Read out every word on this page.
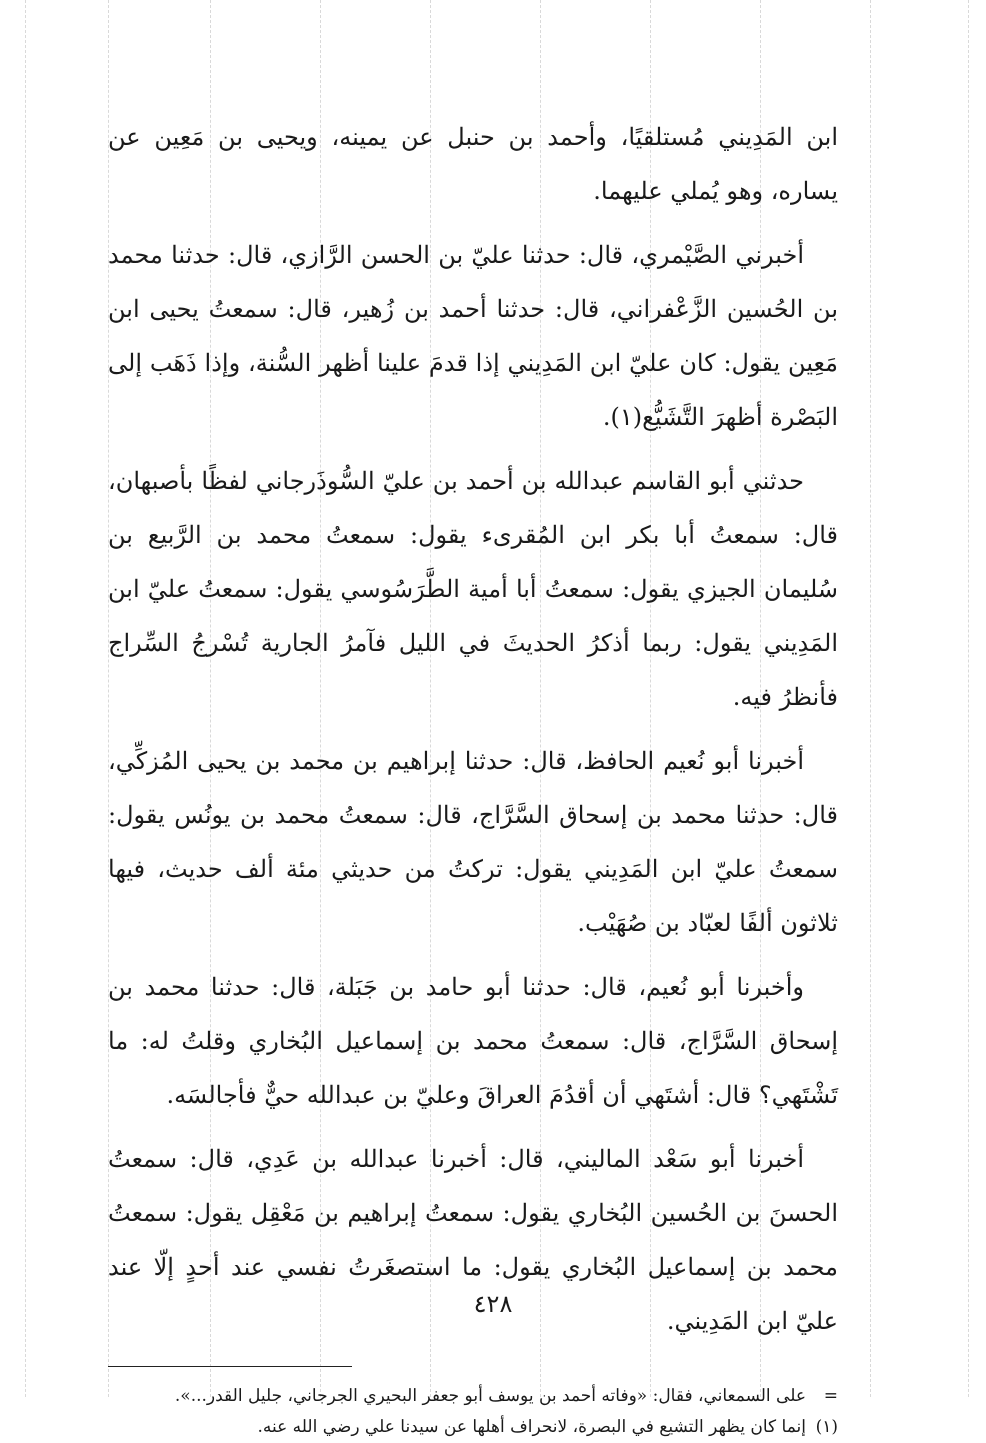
ابن المَدِيني مُستلقيًا، وأحمد بن حنبل عن يمينه، ويحيى بن مَعِين عن يساره، وهو يُملي عليهما.

أخبرني الصَّيْمري، قال: حدثنا عليّ بن الحسن الرَّازي، قال: حدثنا محمد بن الحُسين الزَّعْفراني، قال: حدثنا أحمد بن زُهير، قال: سمعتُ يحيى ابن مَعِين يقول: كان عليّ ابن المَدِيني إذا قدمَ علينا أظهر السُّنة، وإذا ذَهَب إلى البَصْرة أظهرَ التَّشَيُّع(١).

حدثني أبو القاسم عبدالله بن أحمد بن عليّ السُّوذَرجاني لفظًا بأصبهان، قال: سمعتُ أبا بكر ابن المُقرىء يقول: سمعتُ محمد بن الرَّبيع بن سُليمان الجيزي يقول: سمعتُ أبا أمية الطَّرَسُوسي يقول: سمعتُ عليّ ابن المَدِيني يقول: ربما أذكرُ الحديثَ في الليل فآمرُ الجارية تُسْرجُ السِّراج فأنظرُ فيه.

أخبرنا أبو نُعيم الحافظ، قال: حدثنا إبراهيم بن محمد بن يحيى المُزكِّي، قال: حدثنا محمد بن إسحاق السَّرَّاج، قال: سمعتُ محمد بن يونُس يقول: سمعتُ عليّ ابن المَدِيني يقول: تركتُ من حديثي مئة ألف حديث، فيها ثلاثون ألفًا لعبّاد بن صُهَيْب.

وأخبرنا أبو نُعيم، قال: حدثنا أبو حامد بن جَبَلة، قال: حدثنا محمد بن إسحاق السَّرَّاج، قال: سمعتُ محمد بن إسماعيل البُخاري وقلتُ له: ما تَشْتَهي؟ قال: أشتَهي أن أقدُمَ العراقَ وعليّ بن عبدالله حيٌّ فأجالسَه.

أخبرنا أبو سَعْد الماليني، قال: أخبرنا عبدالله بن عَدِي، قال: سمعتُ الحسنَ بن الحُسين البُخاري يقول: سمعتُ إبراهيم بن مَعْقِل يقول: سمعتُ محمد بن إسماعيل البُخاري يقول: ما استصغَرتُ نفسي عند أحدٍ إلّا عند عليّ ابن المَدِيني.

=
على السمعاني، فقال: «وفاته أحمد بن يوسف أبو جعفر البحيري الجرجاني، جليل القدر...».

(١)
إنما كان يظهر التشيع في البصرة، لانحراف أهلها عن سيدنا علي رضي الله عنه.

٤٢٨
